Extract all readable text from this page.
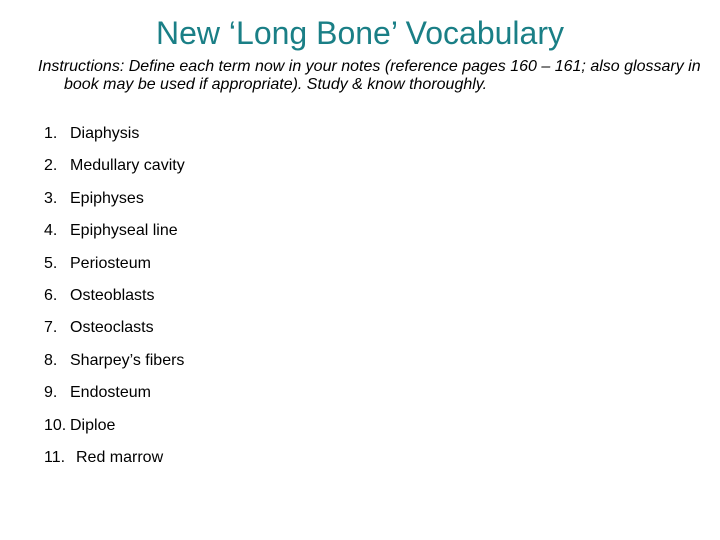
New ‘Long Bone’ Vocabulary
Instructions: Define each term now in your notes (reference pages 160 – 161; also glossary in book may be used if appropriate). Study & know thoroughly.
1. Diaphysis
2. Medullary cavity
3. Epiphyses
4. Epiphyseal line
5. Periosteum
6. Osteoblasts
7. Osteoclasts
8. Sharpey’s fibers
9. Endosteum
10. Diploe
11. Red marrow
